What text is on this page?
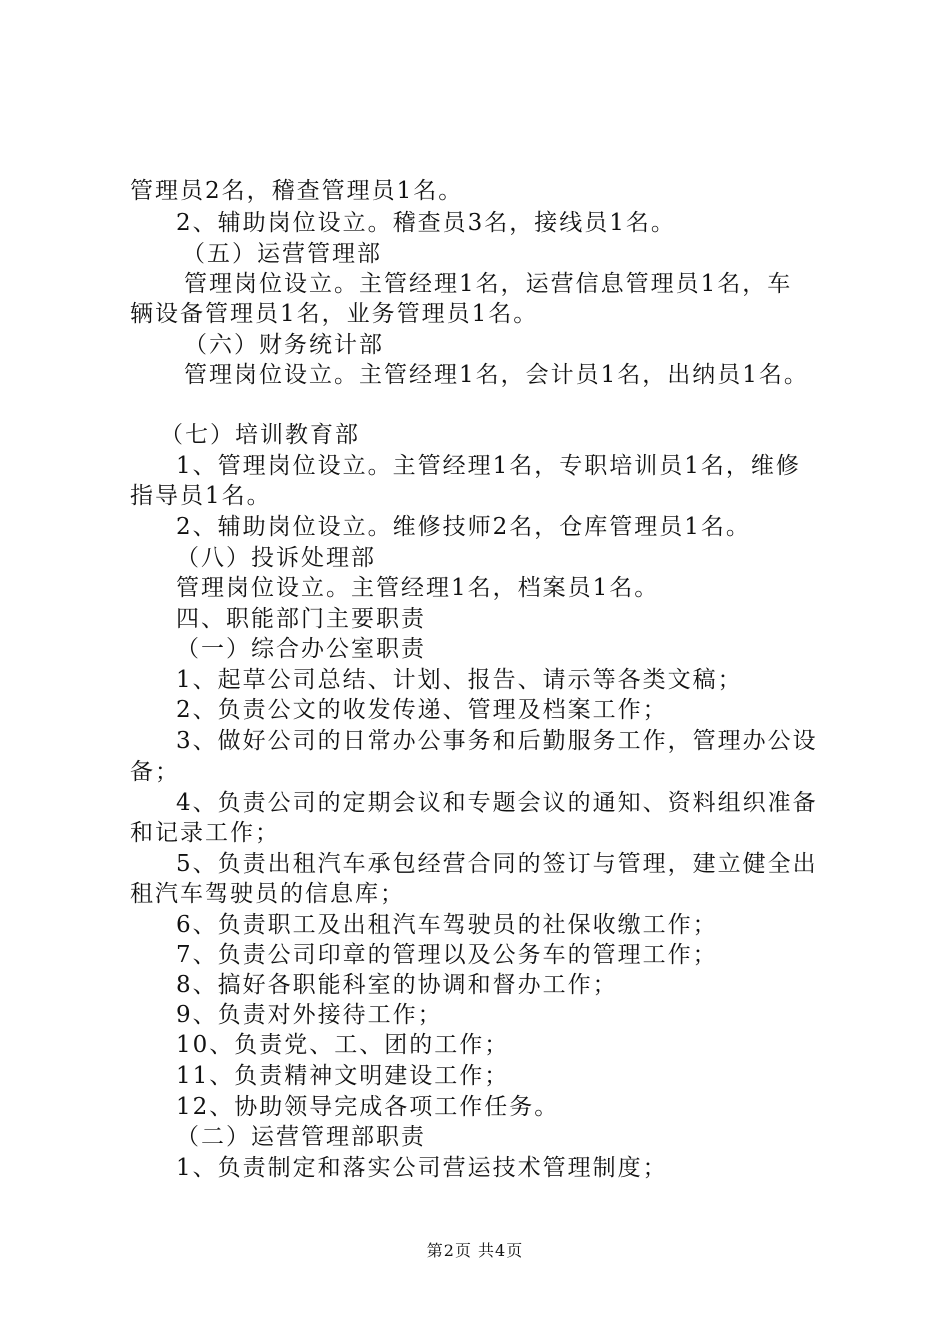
管理员2名，稽查管理员1名。
2、辅助岗位设立。稽查员3名，接线员1名。
（五）运营管理部
管理岗位设立。主管经理1名，运营信息管理员1名，车
辆设备管理员1名，业务管理员1名。
（六）财务统计部
管理岗位设立。主管经理1名，会计员1名，出纳员1名。
（七）培训教育部
1、管理岗位设立。主管经理1名，专职培训员1名，维修
指导员1名。
2、辅助岗位设立。维修技师2名，仓库管理员1名。
（八）投诉处理部
管理岗位设立。主管经理1名，档案员1名。
四、职能部门主要职责
（一）综合办公室职责
1、起草公司总结、计划、报告、请示等各类文稿；
2、负责公文的收发传递、管理及档案工作；
3、做好公司的日常办公事务和后勤服务工作，管理办公设
备；
4、负责公司的定期会议和专题会议的通知、资料组织准备
和记录工作；
5、负责出租汽车承包经营合同的签订与管理，建立健全出
租汽车驾驶员的信息库；
6、负责职工及出租汽车驾驶员的社保收缴工作；
7、负责公司印章的管理以及公务车的管理工作；
8、搞好各职能科室的协调和督办工作；
9、负责对外接待工作；
10、负责党、工、团的工作；
11、负责精神文明建设工作；
12、协助领导完成各项工作任务。
（二）运营管理部职责
1、负责制定和落实公司营运技术管理制度；
第2页 共4页
